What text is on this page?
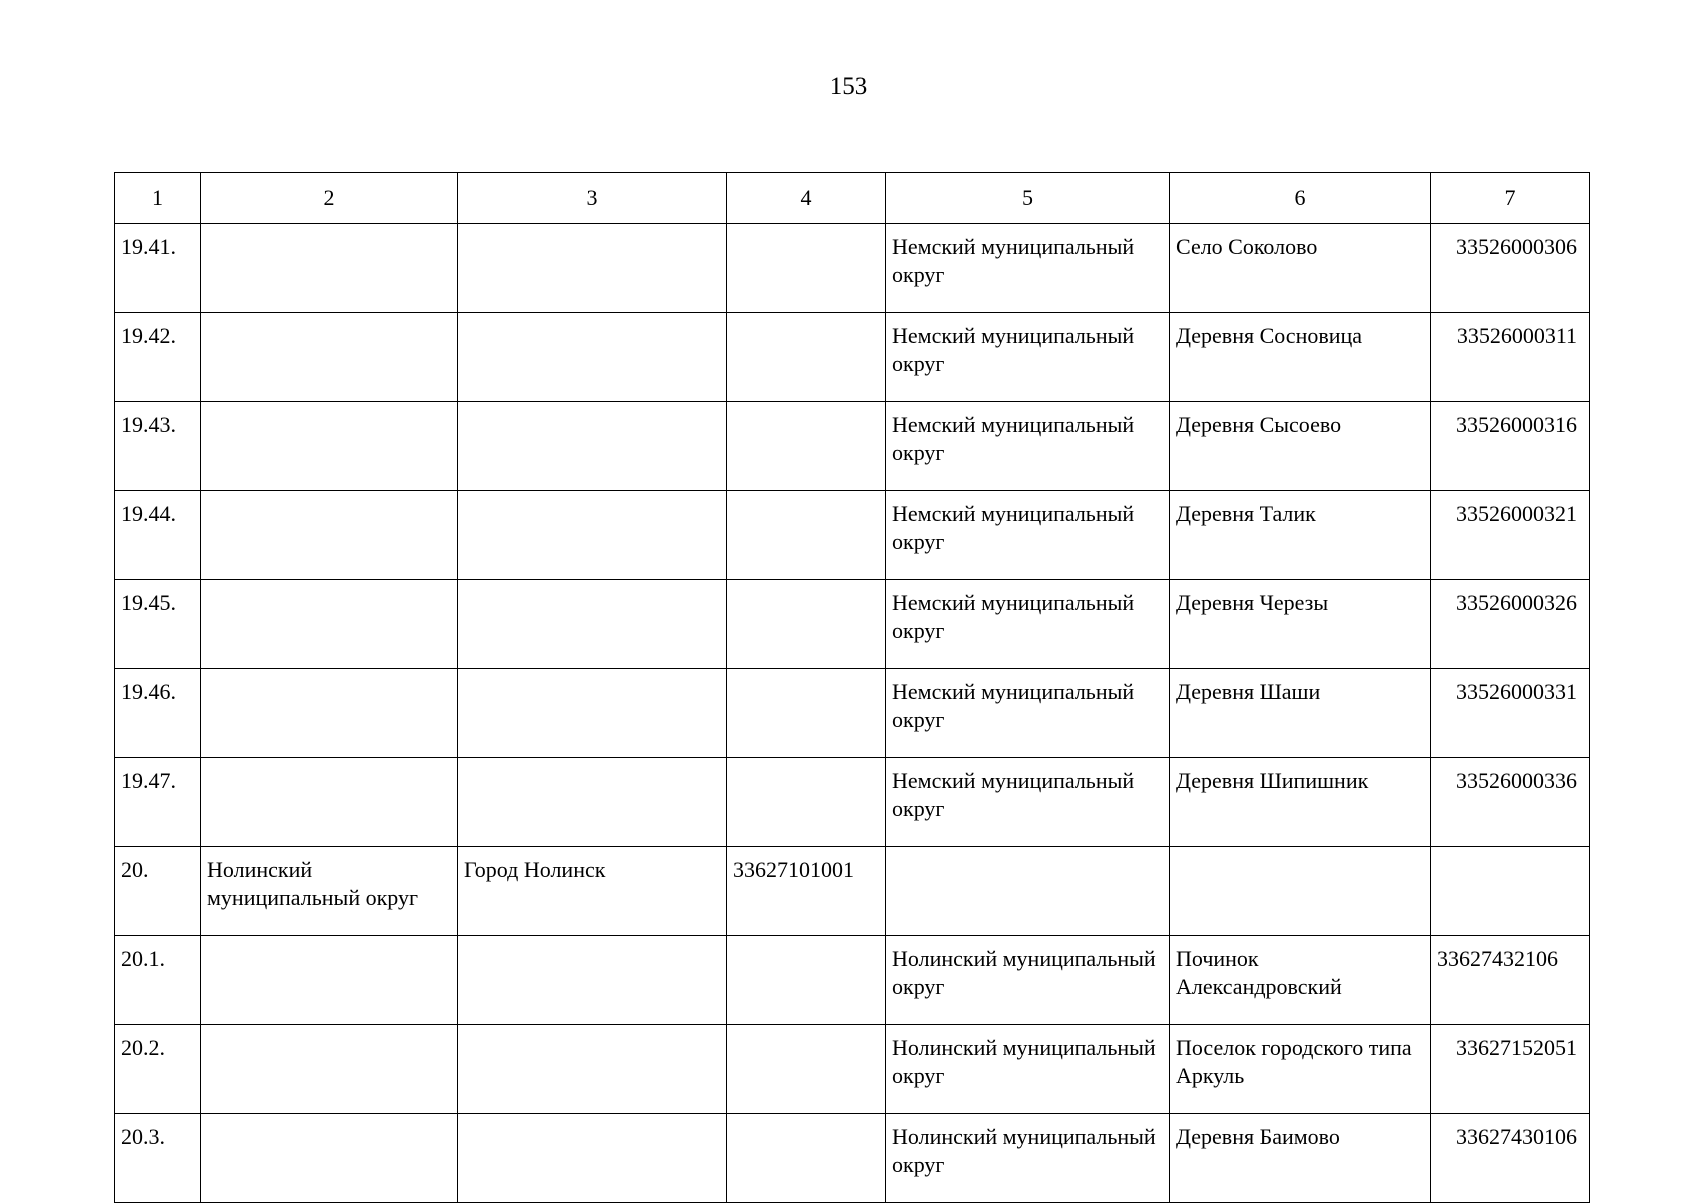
153
1	2	3	4	5	6	7
19.41.				Немский муниципальный округ	Село Соколово	33526000306
19.42.				Немский муниципальный округ	Деревня Сосновица	33526000311
19.43.				Немский муниципальный округ	Деревня Сысоево	33526000316
19.44.				Немский муниципальный округ	Деревня Талик	33526000321
19.45.				Немский муниципальный округ	Деревня Черезы	33526000326
19.46.				Немский муниципальный округ	Деревня Шаши	33526000331
19.47.				Немский муниципальный округ	Деревня Шипишник	33526000336
20.	Нолинский муниципальный округ	Город Нолинск	33627101001			
20.1.				Нолинский муниципальный округ	Починок Александровский	33627432106
20.2.				Нолинский муниципальный округ	Поселок городского типа Аркуль	33627152051
20.3.				Нолинский муниципальный округ	Деревня Баимово	33627430106
